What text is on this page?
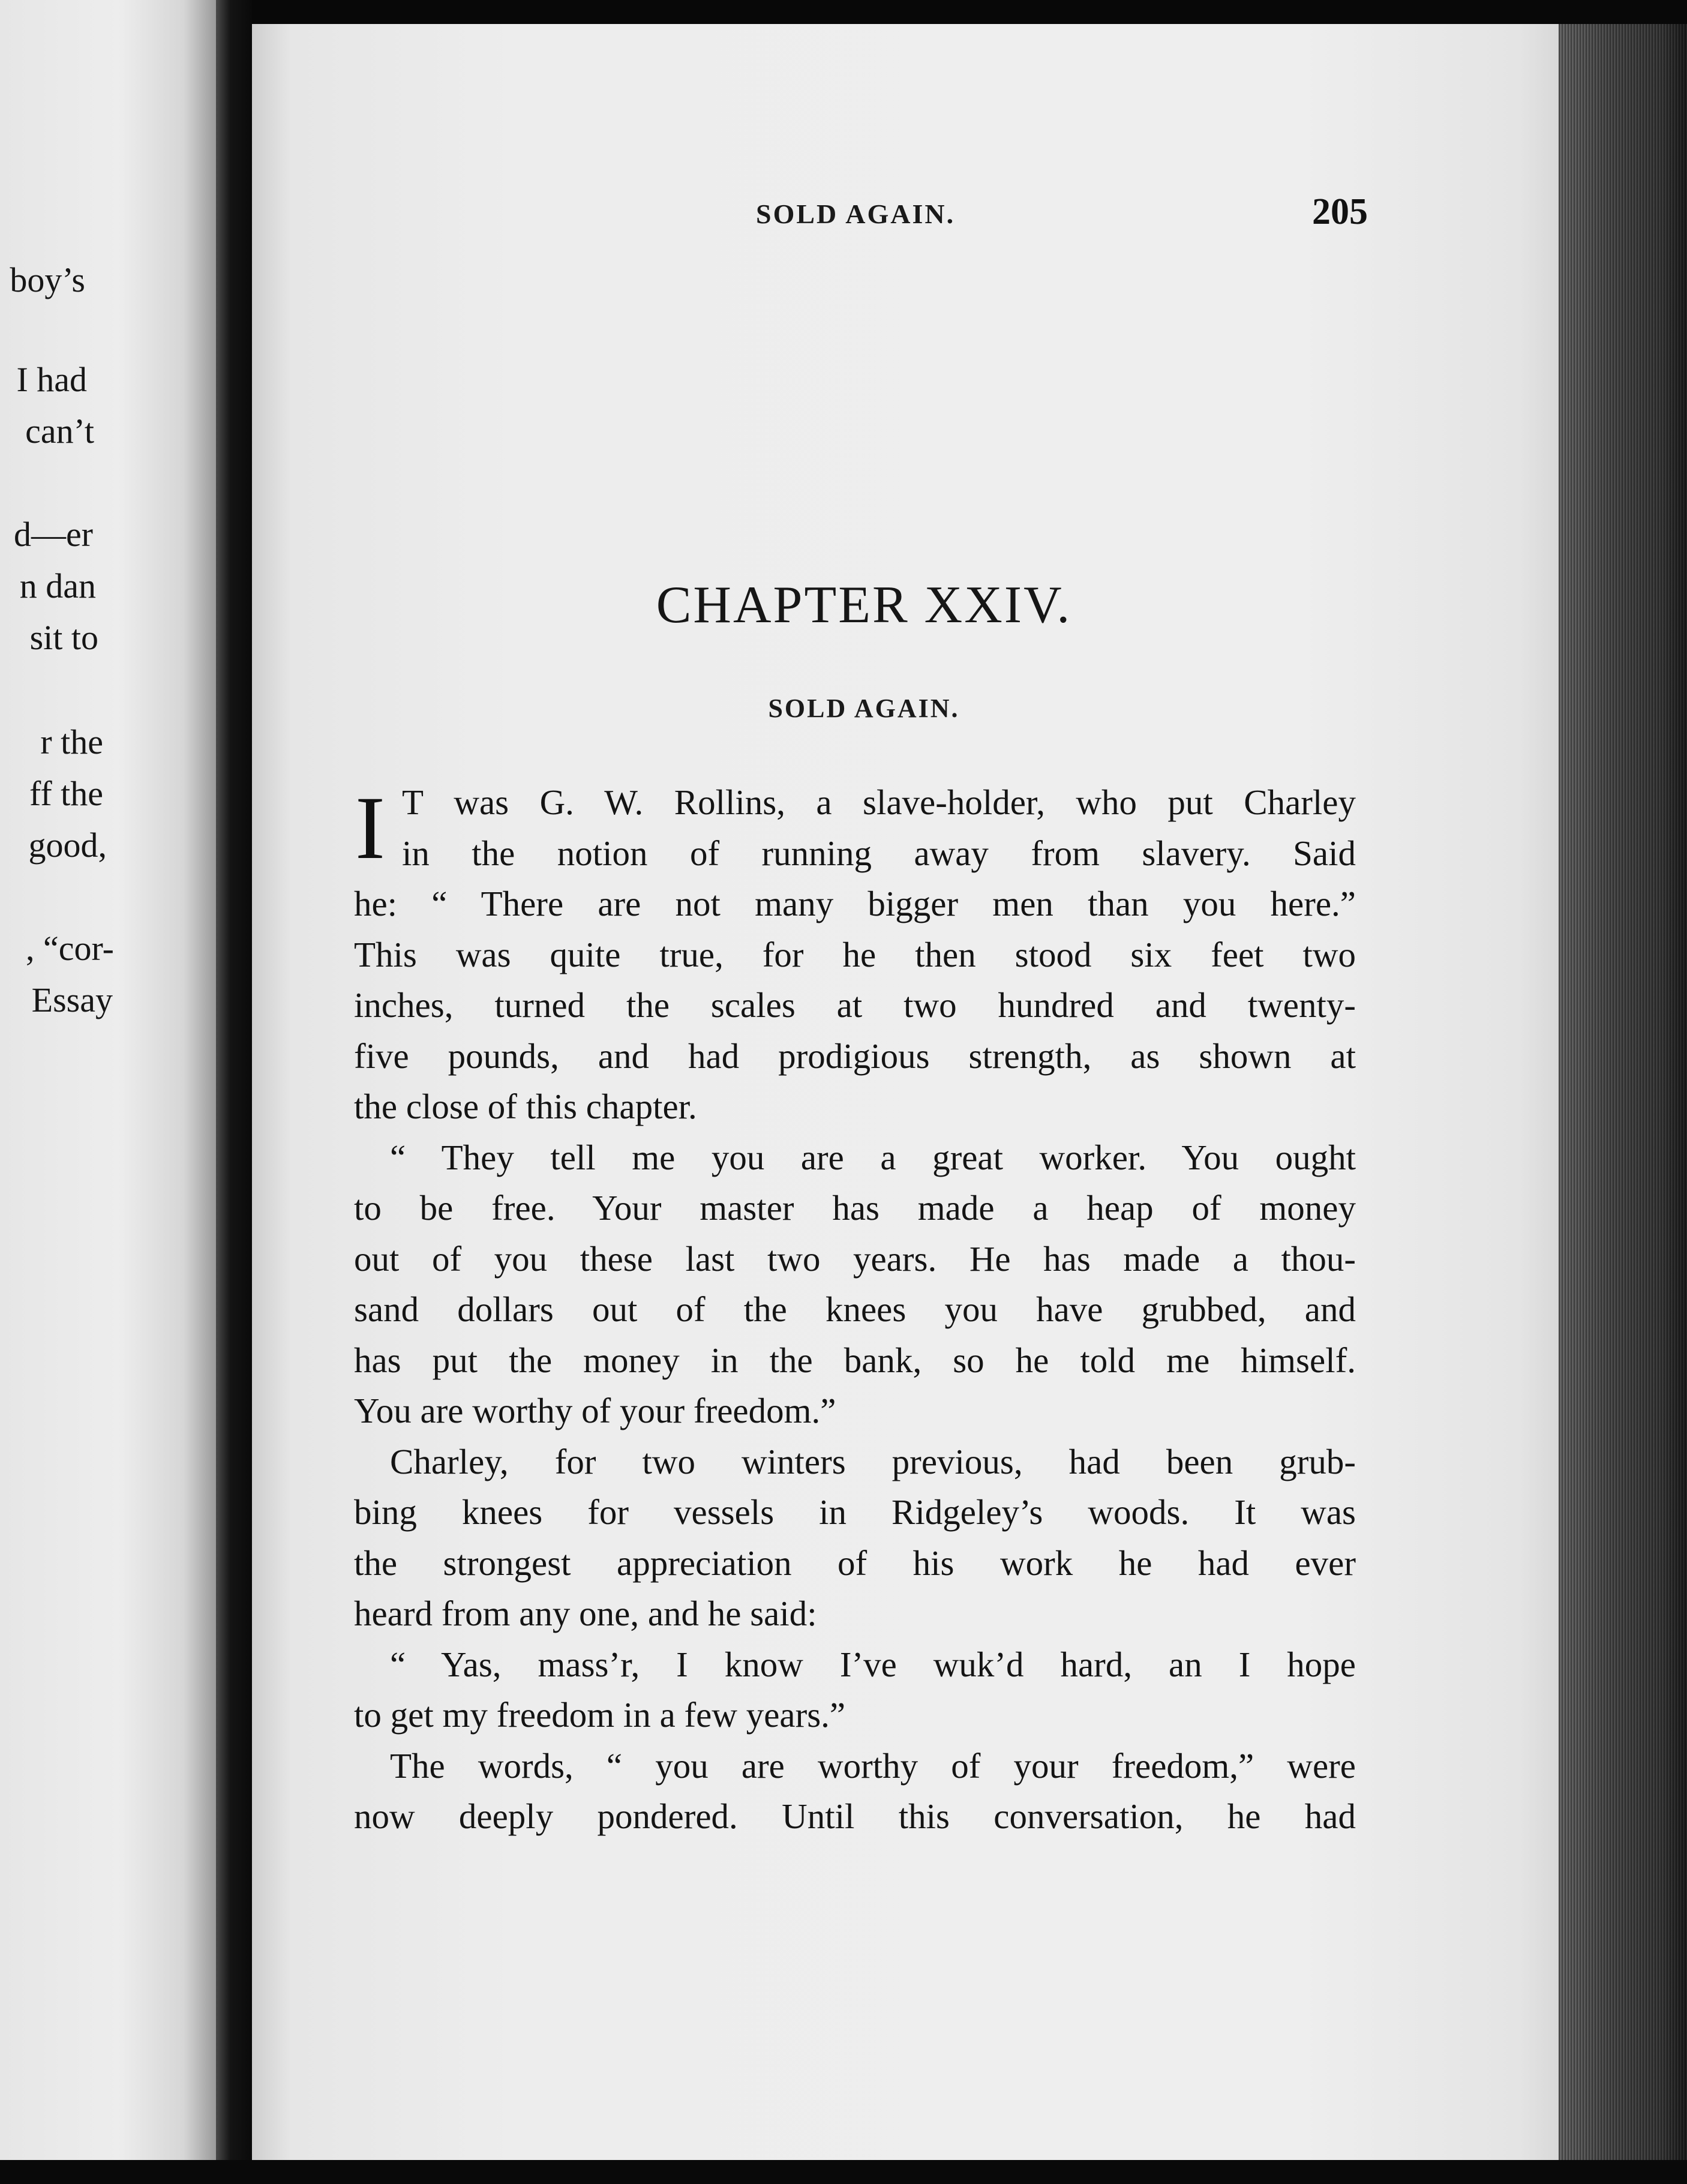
boy’s
I had
can’t
d—er
n dan
sit to
r the
ff the
good,
, “cor-
Essay
SOLD AGAIN.	205
CHAPTER XXIV.
SOLD AGAIN.
I T was G. W. Rollins, a slave-holder, who put Charley
in the notion of running away from slavery. Said
he: “ There are not many bigger men than you here.”
This was quite true, for he then stood six feet two
inches, turned the scales at two hundred and twenty-
five pounds, and had prodigious strength, as shown at
the close of this chapter.
“ They tell me you are a great worker. You ought
to be free. Your master has made a heap of money
out of you these last two years. He has made a thou-
sand dollars out of the knees you have grubbed, and
has put the money in the bank, so he told me himself.
You are worthy of your freedom.”
Charley, for two winters previous, had been grub-
bing knees for vessels in Ridgeley’s woods. It was
the strongest appreciation of his work he had ever
heard from any one, and he said:
“ Yas, mass’r, I know I’ve wuk’d hard, an I hope
to get my freedom in a few years.”
The words, “ you are worthy of your freedom,” were
now deeply pondered. Until this conversation, he had
